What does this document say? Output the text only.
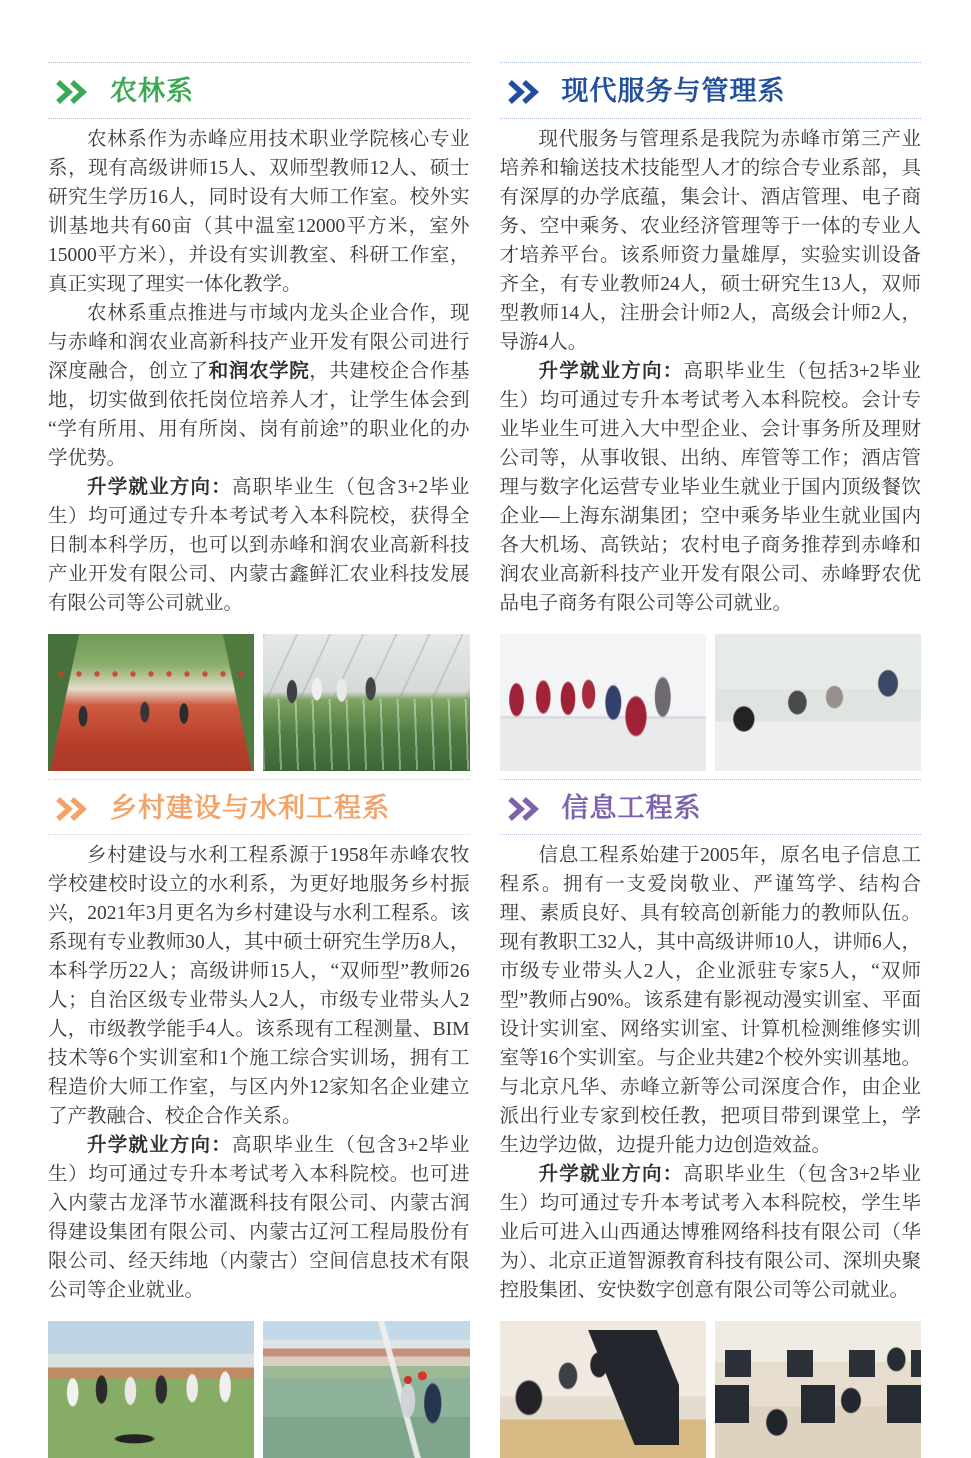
农林系

农林系作为赤峰应用技术职业学院核心专业系，现有高级讲师15人、双师型教师12人、硕士研究生学历16人，同时设有大师工作室。校外实训基地共有60亩（其中温室12000平方米，室外15000平方米），并设有实训教室、科研工作室，真正实现了理实一体化教学。

农林系重点推进与市域内龙头企业合作，现与赤峰和润农业高新科技产业开发有限公司进行深度融合，创立了和润农学院，共建校企合作基地，切实做到依托岗位培养人才，让学生体会到“学有所用、用有所岗、岗有前途”的职业化的办学优势。

升学就业方向：高职毕业生（包含3+2毕业生）均可通过专升本考试考入本科院校，获得全日制本科学历，也可以到赤峰和润农业高新科技产业开发有限公司、内蒙古鑫鲜汇农业科技发展有限公司等公司就业。

乡村建设与水利工程系

乡村建设与水利工程系源于1958年赤峰农牧学校建校时设立的水利系，为更好地服务乡村振兴，2021年3月更名为乡村建设与水利工程系。该系现有专业教师30人，其中硕士研究生学历8人，本科学历22人；高级讲师15人，“双师型”教师26人；自治区级专业带头人2人，市级专业带头人2人，市级教学能手4人。该系现有工程测量、BIM技术等6个实训室和1个施工综合实训场，拥有工程造价大师工作室，与区内外12家知名企业建立了产教融合、校企合作关系。

升学就业方向：高职毕业生（包含3+2毕业生）均可通过专升本考试考入本科院校。也可进入内蒙古龙泽节水灌溉科技有限公司、内蒙古润得建设集团有限公司、内蒙古辽河工程局股份有限公司、经天纬地（内蒙古）空间信息技术有限公司等企业就业。

现代服务与管理系

现代服务与管理系是我院为赤峰市第三产业培养和输送技术技能型人才的综合专业系部，具有深厚的办学底蕴，集会计、酒店管理、电子商务、空中乘务、农业经济管理等于一体的专业人才培养平台。该系师资力量雄厚，实验实训设备齐全，有专业教师24人，硕士研究生13人，双师型教师14人，注册会计师2人，高级会计师2人，导游4人。

升学就业方向：高职毕业生（包括3+2毕业生）均可通过专升本考试考入本科院校。会计专业毕业生可进入大中型企业、会计事务所及理财公司等，从事收银、出纳、库管等工作；酒店管理与数字化运营专业毕业生就业于国内顶级餐饮企业—上海东湖集团；空中乘务毕业生就业国内各大机场、高铁站；农村电子商务推荐到赤峰和润农业高新科技产业开发有限公司、赤峰野农优品电子商务有限公司等公司就业。

信息工程系

信息工程系始建于2005年，原名电子信息工程系。拥有一支爱岗敬业、严谨笃学、结构合理、素质良好、具有较高创新能力的教师队伍。现有教职工32人，其中高级讲师10人，讲师6人，市级专业带头人2人，企业派驻专家5人，“双师型”教师占90%。该系建有影视动漫实训室、平面设计实训室、网络实训室、计算机检测维修实训室等16个实训室。与企业共建2个校外实训基地。与北京凡华、赤峰立新等公司深度合作，由企业派出行业专家到校任教，把项目带到课堂上，学生边学边做，边提升能力边创造效益。

升学就业方向：高职毕业生（包含3+2毕业生）均可通过专升本考试考入本科院校，学生毕业后可进入山西通达博雅网络科技有限公司（华为）、北京正道智源教育科技有限公司、深圳央聚控股集团、安快数字创意有限公司等公司就业。
